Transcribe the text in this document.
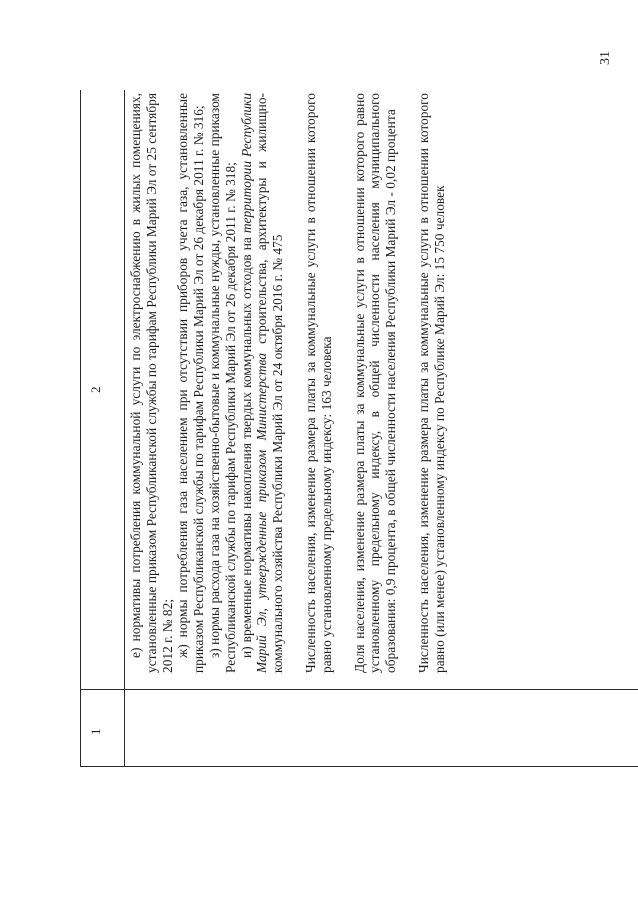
31
1
2 е) нормативы потребления коммунальной услуги по электроснабжению в жилых помещениях, установленные приказом Республиканской службы по тарифам Республики Марий Эл от 25 сентября 2012 г. № 82; ж) нормы потребления газа населением при отсутствии приборов учета газа, установленные приказом Республиканской службы по тарифам Республики Марий Эл от 26 декабря 2011 г. № 316; з) нормы расхода газа на хозяйственно-бытовые и коммунальные нужды, установленные приказом Республиканской службы по тарифам Республики Марий Эл от 26 декабря 2011 г. № 318; и) временные нормативы накопления твердых коммунальных отходов на территории Республики Марий Эл, утвержденные приказом Министерства строительства, архитектуры и жилищно-коммунального хозяйства Республики Марий Эл от 24 октября 2016 г. № 475 Численность населения, изменение размера платы за коммунальные услуги в отношении которого равно установленному предельному индексу: 163 человека Доля населения, изменение размера платы за коммунальные услуги в отношении которого равно установленному предельному индексу, в общей численности населения муниципального образования: 0,9 процента, в общей численности населения Республики Марий Эл - 0,02 процента Численность населения, изменение размера платы за коммунальные услуги в отношении которого равно (или менее) установленному индексу по Республике Марий Эл: 15 750 человек
